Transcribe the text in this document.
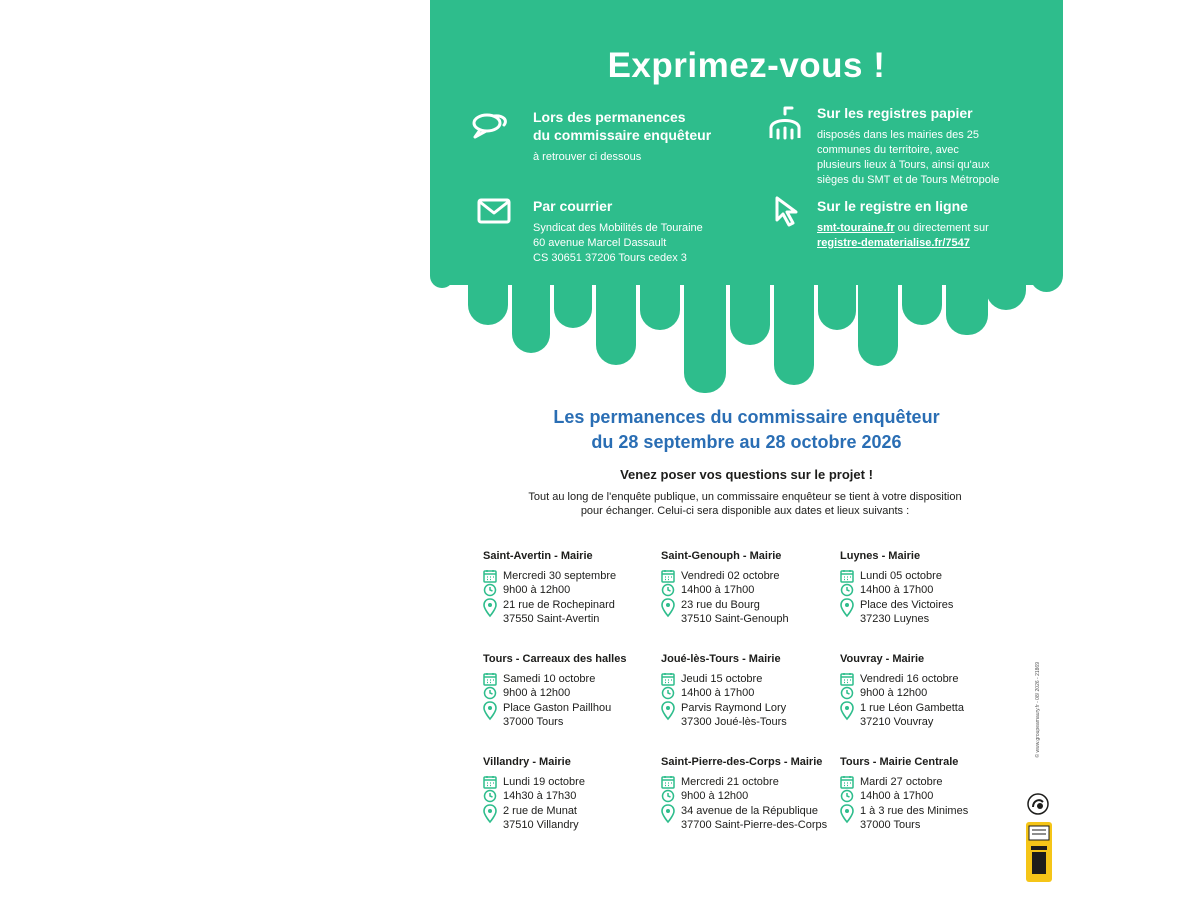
Exprimez-vous !
Lors des permanences
du commissaire enquêteur
à retrouver ci dessous
Sur les registres papier
disposés dans les mairies des 25
communes du territoire, avec
plusieurs lieux à Tours, ainsi qu'aux
sièges du SMT et de Tours Métropole
Par courrier
Syndicat des Mobilités de Touraine
60 avenue Marcel Dassault
CS 30651 37206 Tours cedex 3
Sur le registre en ligne
smt-touraine.fr ou directement sur
registre-dematerialise.fr/7547
Les permanences du commissaire enquêteur
du 28 septembre au 28 octobre 2026
Venez poser vos questions sur le projet !
Tout au long de l'enquête publique, un commissaire enquêteur se tient à votre disposition
pour échanger. Celui-ci sera disponible aux dates et lieux suivants :
Saint-Avertin - Mairie
Mercredi 30 septembre
9h00 à 12h00
21 rue de Rochepinard
37550 Saint-Avertin
Saint-Genouph - Mairie
Vendredi 02 octobre
14h00 à 17h00
23 rue du Bourg
37510 Saint-Genouph
Luynes - Mairie
Lundi 05 octobre
14h00 à 17h00
Place des Victoires
37230 Luynes
Tours - Carreaux des halles
Samedi 10 octobre
9h00 à 12h00
Place Gaston Paillhou
37000 Tours
Joué-lès-Tours - Mairie
Jeudi 15 octobre
14h00 à 17h00
Parvis Raymond Lory
37300 Joué-lès-Tours
Vouvray - Mairie
Vendredi 16 octobre
9h00 à 12h00
1 rue Léon Gambetta
37210 Vouvray
Villandry - Mairie
Lundi 19 octobre
14h30 à 17h30
2 rue de Munat
37510 Villandry
Saint-Pierre-des-Corps - Mairie
Mercredi 21 octobre
9h00 à 12h00
34 avenue de la République
37700 Saint-Pierre-des-Corps
Tours - Mairie Centrale
Mardi 27 octobre
14h00 à 17h00
1 à 3 rue des Minimes
37000 Tours
© www.groupeamaury.fr - 08/ 2026 - 21869
